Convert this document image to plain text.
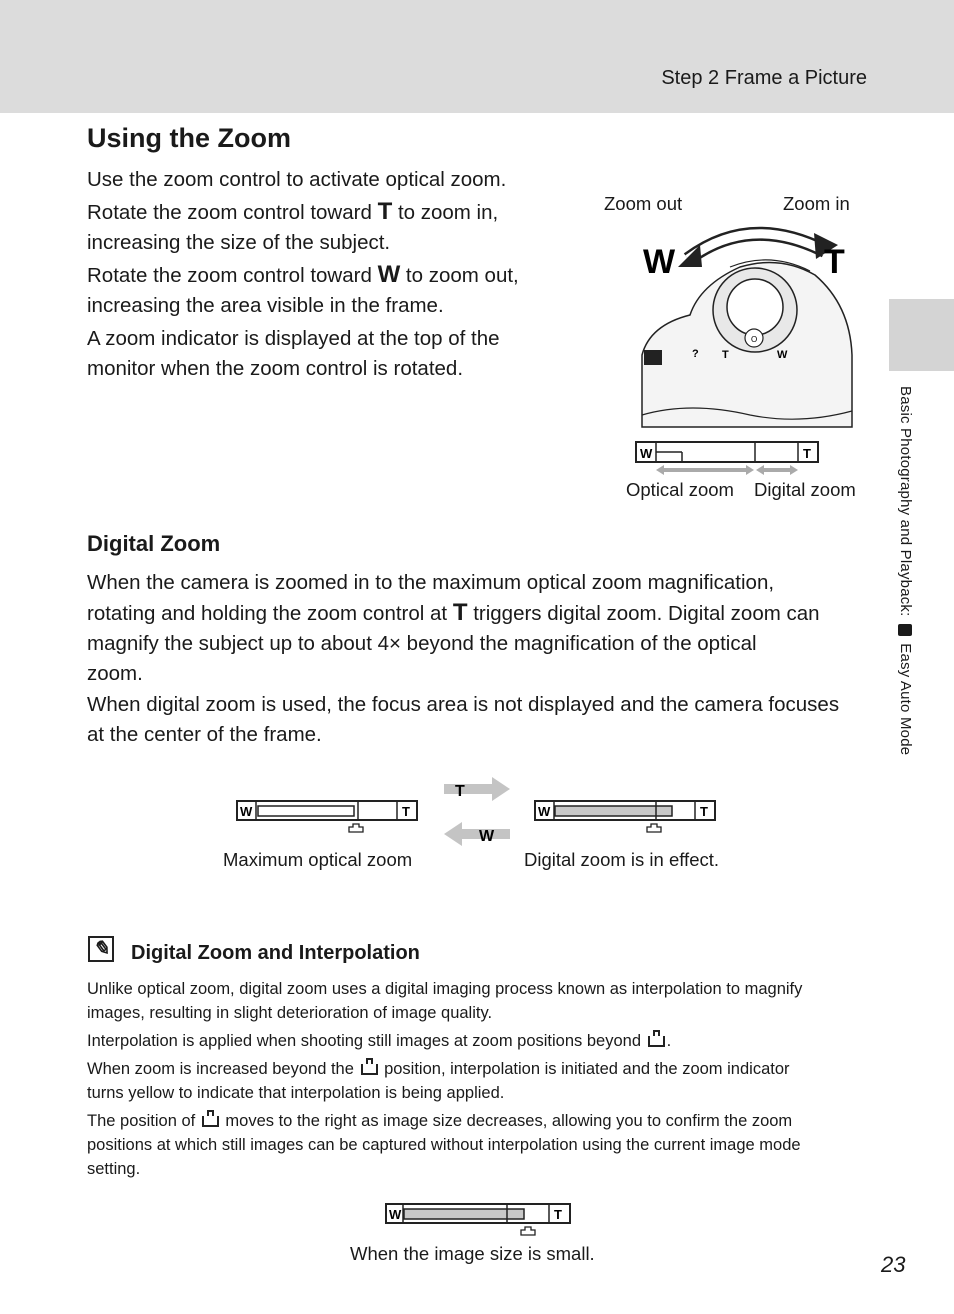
Step 2 Frame a Picture
Basic Photography and Playback:  Easy Auto Mode
Using the Zoom
Use the zoom control to activate optical zoom.
Rotate the zoom control toward T to zoom in,
increasing the size of the subject.
Rotate the zoom control toward W to zoom out,
increasing the area visible in the frame.
A zoom indicator is displayed at the top of the
monitor when the zoom control is rotated.
Zoom out	Zoom in
O
? T	W
W	T
W	T
Optical zoom Digital zoom
Digital Zoom
When the camera is zoomed in to the maximum optical zoom magnification,
rotating and holding the zoom control at T triggers digital zoom. Digital zoom can
magnify the subject up to about 4× beyond the magnification of the optical
zoom.
When digital zoom is used, the focus area is not displayed and the camera focuses
at the center of the frame.
W	T
T
W
W	T
Maximum optical zoom	Digital zoom is in effect.
✎ Digital Zoom and Interpolation
Unlike optical zoom, digital zoom uses a digital imaging process known as interpolation to magnify
images, resulting in slight deterioration of image quality.
Interpolation is applied when shooting still images at zoom positions beyond .
When zoom is increased beyond the  position, interpolation is initiated and the zoom indicator
turns yellow to indicate that interpolation is being applied.
The position of  moves to the right as image size decreases, allowing you to confirm the zoom
positions at which still images can be captured without interpolation using the current image mode
setting.
W	T
When the image size is small.	23
